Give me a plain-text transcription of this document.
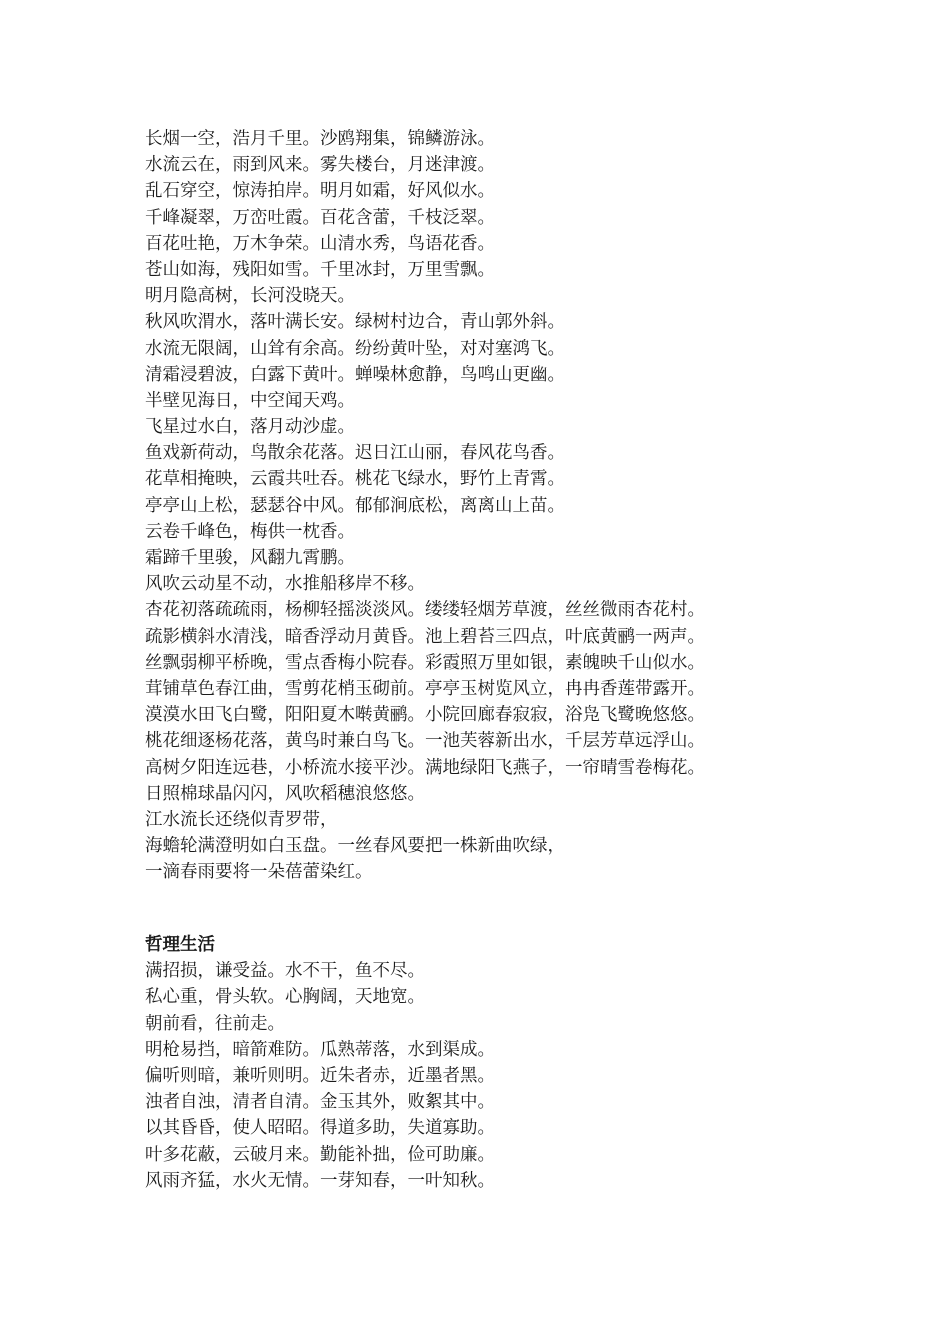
长烟一空，浩月千里。沙鸥翔集，锦鳞游泳。
水流云在，雨到风来。雾失楼台，月迷津渡。
乱石穿空，惊涛拍岸。明月如霜，好风似水。
千峰凝翠，万峦吐霞。百花含蕾，千枝泛翠。
百花吐艳，万木争荣。山清水秀，鸟语花香。
苍山如海，残阳如雪。千里冰封，万里雪飘。
明月隐高树，长河没晓天。
秋风吹渭水，落叶满长安。绿树村边合，青山郭外斜。
水流无限阔，山耸有余高。纷纷黄叶坠，对对塞鸿飞。
清霜浸碧波，白露下黄叶。蝉噪林愈静，鸟鸣山更幽。
半壁见海日，中空闻天鸡。
飞星过水白，落月动沙虚。
鱼戏新荷动，鸟散余花落。迟日江山丽，春风花鸟香。
花草相掩映，云霞共吐吞。桃花飞绿水，野竹上青霄。
亭亭山上松，瑟瑟谷中风。郁郁涧底松，离离山上苗。
云卷千峰色，梅供一枕香。
霜蹄千里骏，风翻九霄鹏。
风吹云动星不动，水推船移岸不移。
杏花初落疏疏雨，杨柳轻摇淡淡风。缕缕轻烟芳草渡，丝丝微雨杏花村。
疏影横斜水清浅，暗香浮动月黄昏。池上碧苔三四点，叶底黄鹂一两声。
丝飘弱柳平桥晚，雪点香梅小院春。彩霞照万里如银，素魄映千山似水。
茸铺草色春江曲，雪剪花梢玉砌前。亭亭玉树览风立，冉冉香莲带露开。
漠漠水田飞白鹭，阳阳夏木啭黄鹂。小院回廊春寂寂，浴凫飞鹭晚悠悠。
桃花细逐杨花落，黄鸟时兼白鸟飞。一池芙蓉新出水，千层芳草远浮山。
高树夕阳连远巷，小桥流水接平沙。满地绿阳飞燕子，一帘晴雪卷梅花。
日照棉球晶闪闪，风吹稻穗浪悠悠。
江水流长还绕似青罗带，
海蟾轮满澄明如白玉盘。一丝春风要把一株新曲吹绿，
一滴春雨要将一朵蓓蕾染红。
哲理生活
满招损，谦受益。水不干，鱼不尽。
私心重，骨头软。心胸阔，天地宽。
朝前看，往前走。
明枪易挡，暗箭难防。瓜熟蒂落，水到渠成。
偏听则暗，兼听则明。近朱者赤，近墨者黑。
浊者自浊，清者自清。金玉其外，败絮其中。
以其昏昏，使人昭昭。得道多助，失道寡助。
叶多花蔽，云破月来。勤能补拙，俭可助廉。
风雨齐猛，水火无情。一芽知春，一叶知秋。
